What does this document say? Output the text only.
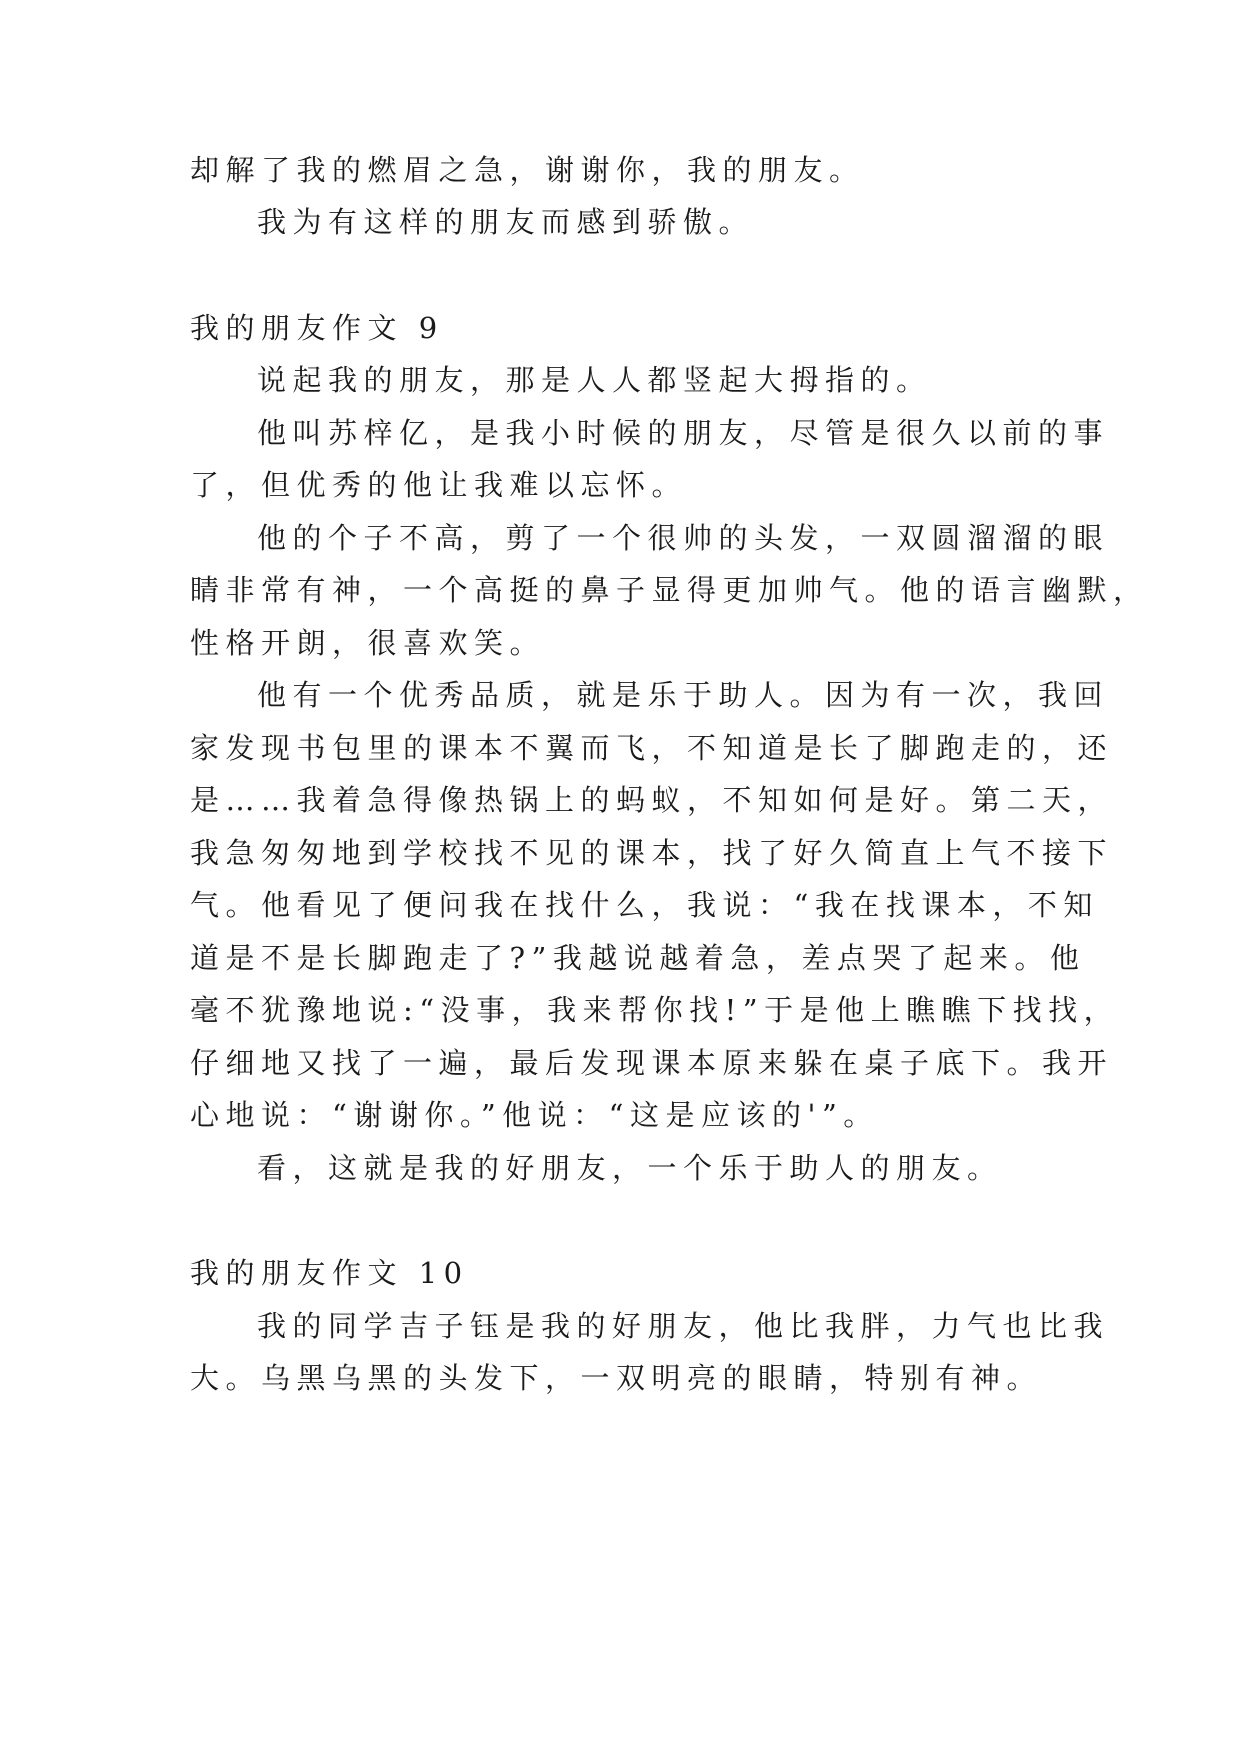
却解了我的燃眉之急，谢谢你，我的朋友。
我为有这样的朋友而感到骄傲。
我的朋友作文 9
说起我的朋友，那是人人都竖起大拇指的。
他叫苏梓亿，是我小时候的朋友，尽管是很久以前的事
了，但优秀的他让我难以忘怀。
他的个子不高，剪了一个很帅的头发，一双圆溜溜的眼
睛非常有神，一个高挺的鼻子显得更加帅气。他的语言幽默，
性格开朗，很喜欢笑。
他有一个优秀品质，就是乐于助人。因为有一次，我回
家发现书包里的课本不翼而飞，不知道是长了脚跑走的，还
是……我着急得像热锅上的蚂蚁，不知如何是好。第二天，
我急匆匆地到学校找不见的课本，找了好久简直上气不接下
气。他看见了便问我在找什么，我说：“我在找课本，不知
道是不是长脚跑走了?”我越说越着急，差点哭了起来。他
毫不犹豫地说:“没事，我来帮你找!”于是他上瞧瞧下找找，
仔细地又找了一遍，最后发现课本原来躲在桌子底下。我开
心地说：“谢谢你。”他说：“这是应该的'”。
看，这就是我的好朋友，一个乐于助人的朋友。
我的朋友作文 10
我的同学吉子钰是我的好朋友，他比我胖，力气也比我
大。乌黑乌黑的头发下，一双明亮的眼睛，特别有神。
